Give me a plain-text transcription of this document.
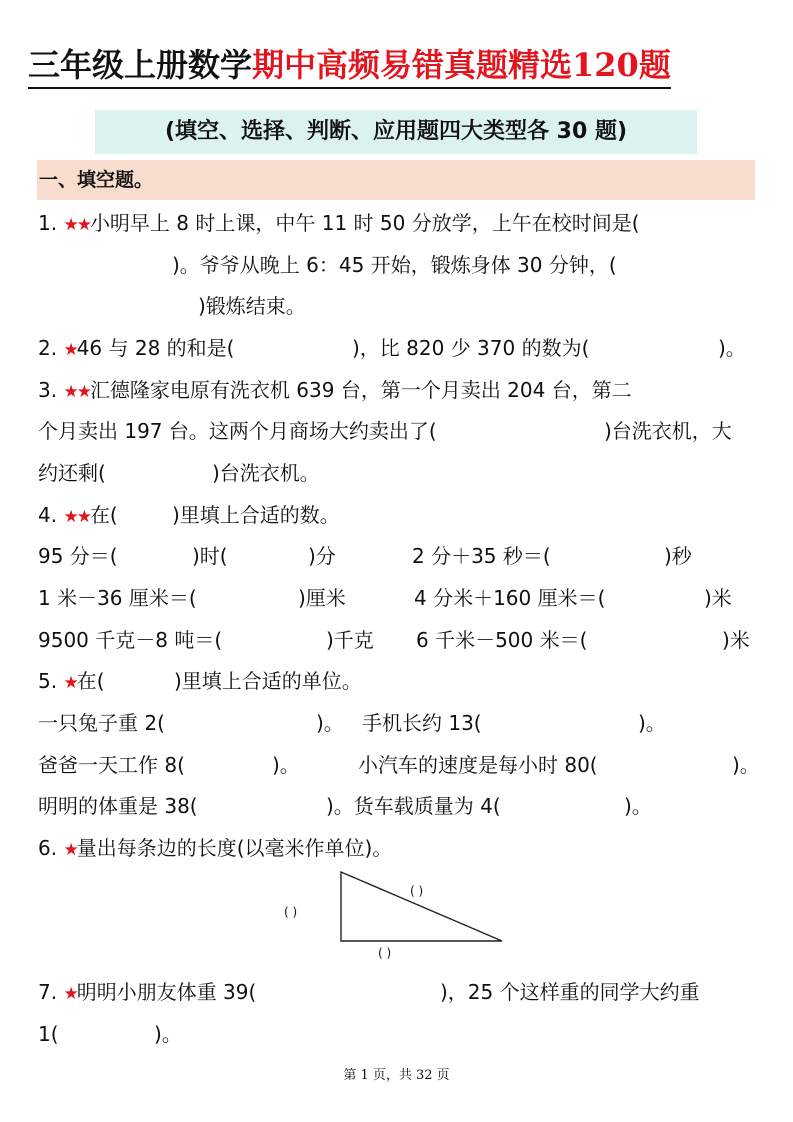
三年级上册数学期中高频易错真题精选120题
(填空、选择、判断、应用题四大类型各 30 题)
一、填空题。
1. ★★小明早上 8 时上课，中午 11 时 50 分放学，上午在校时间是(
)。爷爷从晚上 6：45 开始，锻炼身体 30 分钟，(
)锻炼结束。
2. ★46 与 28 的和是(	)，比 820 少 370 的数为(	)。
3. ★★汇德隆家电原有洗衣机 639 台，第一个月卖出 204 台，第二
个月卖出 197 台。这两个月商场大约卖出了(	)台洗衣机，大
约还剩(	)台洗衣机。
4. ★★在(	)里填上合适的数。
95 分＝(	)时(	)分	2 分＋35 秒＝(	)秒
1 米－36 厘米＝(	)厘米	4 分米＋160 厘米＝(	)米
9500 千克－8 吨＝(	)千克 6 千米－500 米＝(	)米
5. ★在(	)里填上合适的单位。
一只兔子重 2(	)。 手机长约 13(	)。
爸爸一天工作 8(	)。	小汽车的速度是每小时 80(	)。
明明的体重是 38(	)。货车载质量为 4(	)。
6. ★量出每条边的长度(以毫米作单位)。
( )
( )
( )
7. ★明明小朋友体重 39(	)，25 个这样重的同学大约重
1(	)。
第 1 页，共 32 页
